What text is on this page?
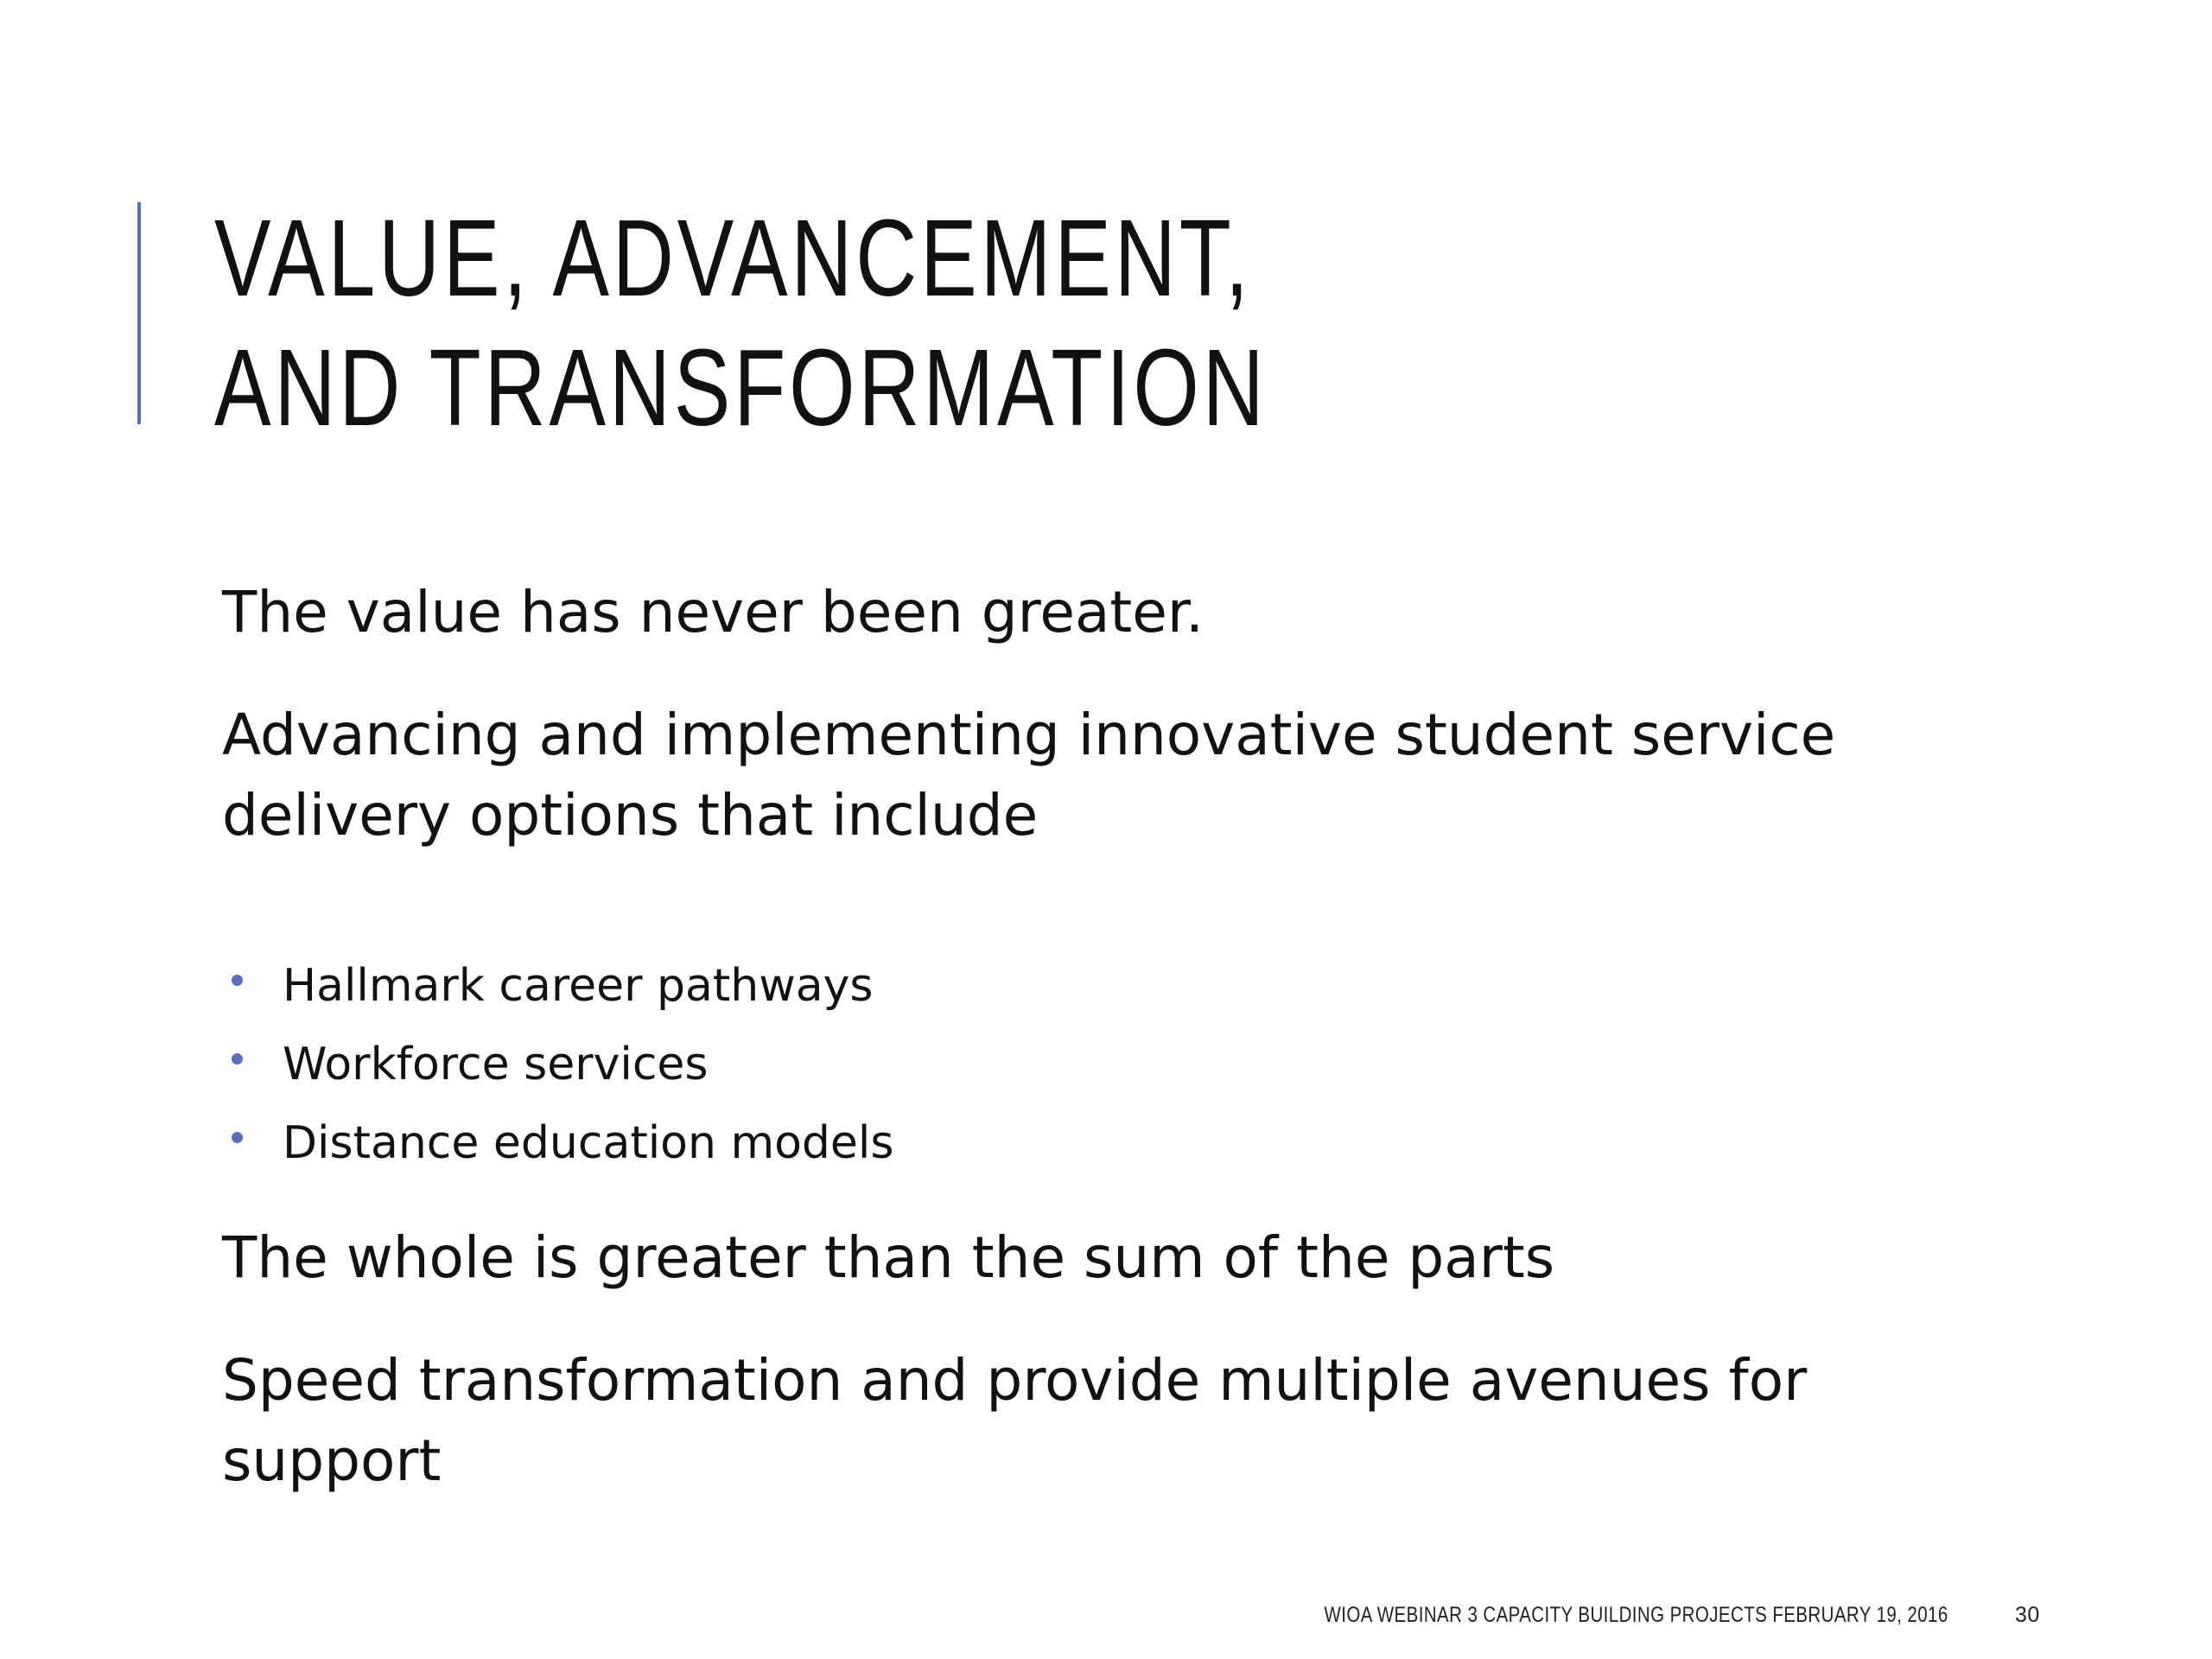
VALUE, ADVANCEMENT,
AND TRANSFORMATION

The value has never been greater.

Advancing and implementing innovative student service
delivery options that include
Hallmark career pathways
Workforce services
Distance education models

The whole is greater than the sum of the parts

Speed transformation and provide multiple avenues for
support
WIOA WEBINAR 3 CAPACITY BUILDING PROJECTS FEBRUARY 19, 2016	30
